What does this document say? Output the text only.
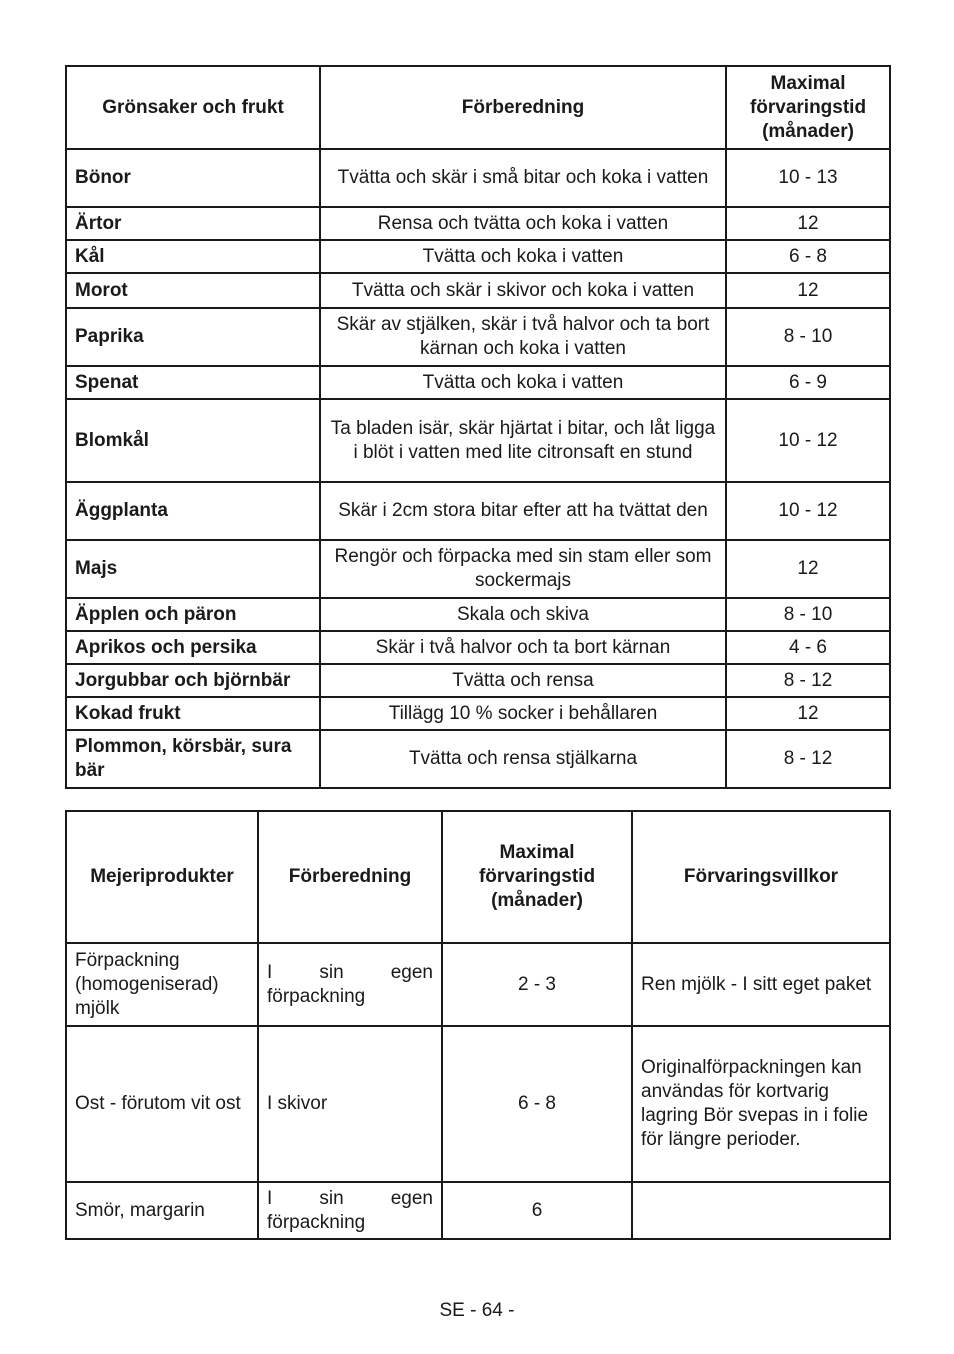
Grönsaker och frukt	Förberedning	Maximal förvaringstid (månader)
Bönor	Tvätta och skär i små bitar och koka i vatten	10 - 13
Ärtor	Rensa och tvätta och koka i vatten	12
Kål	Tvätta och koka i vatten	6 - 8
Morot	Tvätta och skär i skivor och koka i vatten	12
Paprika	Skär av stjälken, skär i två halvor och ta bort kärnan och koka i vatten	8 - 10
Spenat	Tvätta och koka i vatten	6 - 9
Blomkål	Ta bladen isär, skär hjärtat i bitar, och låt ligga i blöt i vatten med lite citronsaft en stund	10 - 12
Äggplanta	Skär i 2cm stora bitar efter att ha tvättat den	10 - 12
Majs	Rengör och förpacka med sin stam eller som sockermajs	12
Äpplen och päron	Skala och skiva	8 - 10
Aprikos och persika	Skär i två halvor och ta bort kärnan	4 - 6
Jorgubbar och björnbär	Tvätta och rensa	8 - 12
Kokad frukt	Tillägg 10 % socker i behållaren	12
Plommon, körsbär, sura bär	Tvätta och rensa stjälkarna	8 - 12
Mejeriprodukter	Förberedning	Maximal förvaringstid (månader)	Förvaringsvillkor
Förpackning (homogeniserad) mjölk	I sin egen förpackning	2 - 3	Ren mjölk - I sitt eget paket
Ost - förutom vit ost	I skivor	6 - 8	Originalförpackningen kan användas för kortvarig lagring Bör svepas in i folie för längre perioder.
Smör, margarin	I sin egen förpackning	6	
SE - 64 -
